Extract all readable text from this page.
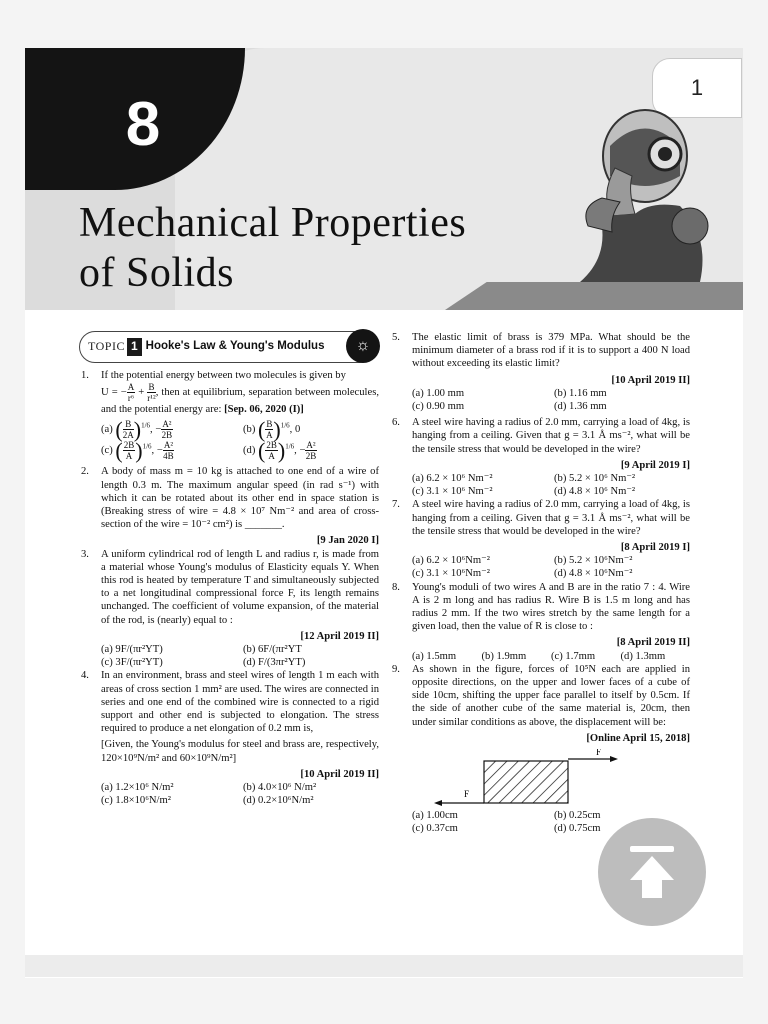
8
Mechanical Properties
of Solids
1
TOPIC 1 Hooke's Law & Young's Modulus	☼
1.	If the potential energy between two molecules is given by
U = − $\frac{A}{\text{r⁶}} + \frac{B}{\text{r¹²}}$ , then at equilibrium, separation between molecules, and the potential energy are: [Sep. 06, 2020 (I)]
(a) ( $\frac{B}{2A} )^{1/6}$, − $\frac{\text{A²}}{2B}$	(b) ( $\frac{B}{A} )^{1/6}$, 0
(c) ( $\frac{2B}{A} )^{1/6}$, − $\frac{\text{A²}}{4B}$	(d) ( $\frac{2B}{A} )^{1/6}$, − $\frac{\text{A²}}{2B}$
2.	A body of mass m = 10 kg is attached to one end of a wire of length 0.3 m. The maximum angular speed (in rad s⁻¹) with which it can be rotated about its other end in space station is (Breaking stress of wire = 4.8 × 10⁷ Nm⁻² and area of cross-section of the wire = 10⁻² cm²) is _______.
[9 Jan 2020 I]
3.	A uniform cylindrical rod of length L and radius r, is made from a material whose Young's modulus of Elasticity equals Y. When this rod is heated by temperature T and simultaneously subjected to a net longitudinal compressional force F, its length remains unchanged. The coefficient of volume expansion, of the material of the rod, is (nearly) equal to :
[12 April 2019 II]
(a) 9F/(πr²YT)	(b) 6F/(πr²YT
(c) 3F/(πr²YT)	(d) F/(3πr²YT)
4.	In an environment, brass and steel wires of length 1 m each with areas of cross section 1 mm² are used. The wires are connected in series and one end of the combined wire is connected to a rigid support and other end is subjected to elongation. The stress required to produce a net elongation of 0.2 mm is,
[Given, the Young's modulus for steel and brass are, respectively, 120×10⁹N/m² and 60×10⁹N/m²]
[10 April 2019 II]
(a) 1.2×10⁶ N/m²	(b) 4.0×10⁶ N/m²
(c) 1.8×10⁶N/m²	(d) 0.2×10⁶N/m²
5.	The elastic limit of brass is 379 MPa. What should be the minimum diameter of a brass rod if it is to support a 400 N load without exceeding its elastic limit?
[10 April 2019 II]
(a) 1.00 mm	(b) 1.16 mm
(c) 0.90 mm	(d) 1.36 mm
6.	A steel wire having a radius of 2.0 mm, carrying a load of 4kg, is hanging from a ceiling. Given that g = 3.1 Å ms⁻², what will be the tensile stress that would be developed in the wire?
[9 April 2019 I]
(a) 6.2 × 10⁶ Nm⁻²	(b) 5.2 × 10⁶ Nm⁻²
(c) 3.1 × 10⁶ Nm⁻²	(d) 4.8 × 10⁶ Nm⁻²
7.	A steel wire having a radius of 2.0 mm, carrying a load of 4kg, is hanging from a ceiling. Given that g = 3.1 Å ms⁻², what will be the tensile stress that would be developed in the wire?
[8 April 2019 I]
(a) 6.2 × 10⁶Nm⁻²	(b) 5.2 × 10⁶Nm⁻²
(c) 3.1 × 10⁶Nm⁻²	(d) 4.8 × 10⁶Nm⁻²
8.	Young's moduli of two wires A and B are in the ratio 7 : 4. Wire A is 2 m long and has radius R. Wire B is 1.5 m long and has radius 2 mm. If the two wires stretch by the same length for a given load, then the value of R is close to :
[8 April 2019 II]
(a) 1.5mm	(b) 1.9mm	(c) 1.7mm	(d) 1.3mm
9.	As shown in the figure, forces of 10⁵N each are applied in opposite directions, on the upper and lower faces of a cube of side 10cm, shifting the upper face parallel to itself by 0.5cm. If the side of another cube of the same material is, 20cm, then under similar conditions as above, the displacement will be:
[Online April 15, 2018]
F
F
(a) 1.00cm	(b) 0.25cm
(c) 0.37cm	(d) 0.75cm
